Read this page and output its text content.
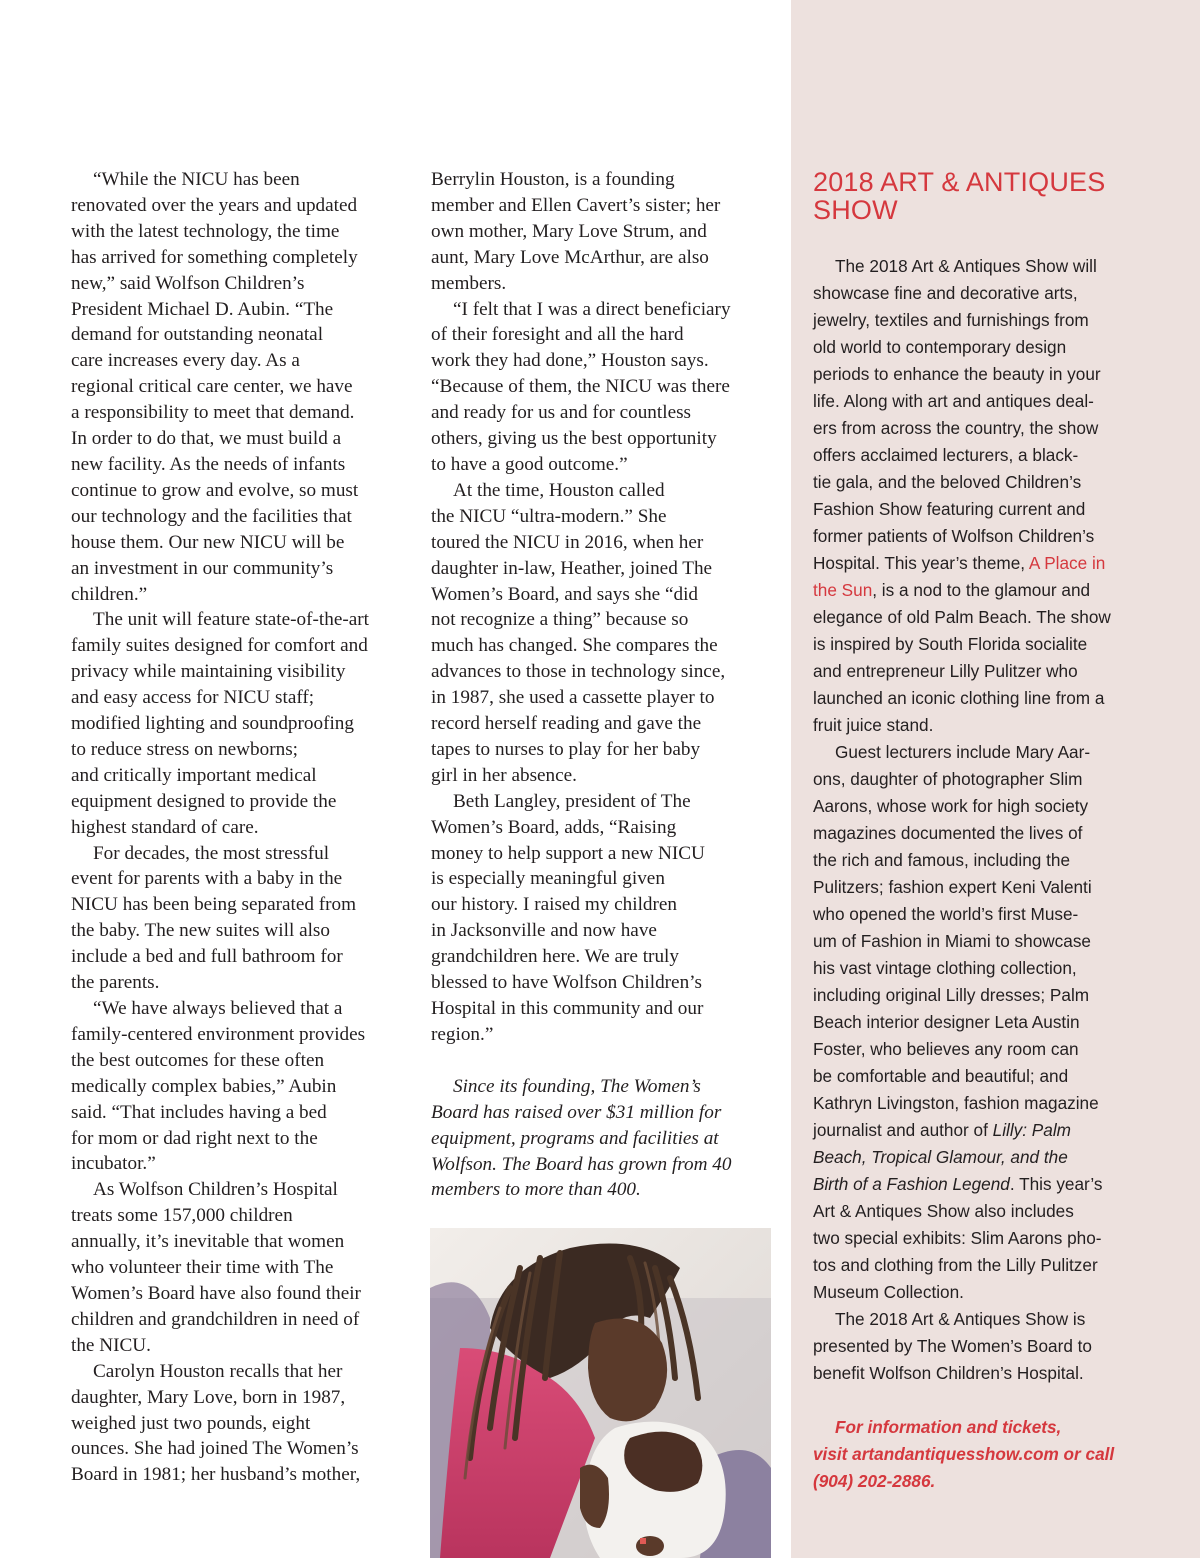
“While the NICU has been
renovated over the years and updated
with the latest technology, the time
has arrived for something completely
new,” said Wolfson Children’s
President Michael D. Aubin. “The
demand for outstanding neonatal
care increases every day. As a
regional critical care center, we have
a responsibility to meet that demand.
In order to do that, we must build a
new facility. As the needs of infants
continue to grow and evolve, so must
our technology and the facilities that
house them. Our new NICU will be
an investment in our community’s
children.”

The unit will feature state-of-the-art
family suites designed for comfort and
privacy while maintaining visibility
and easy access for NICU staff;
modified lighting and soundproofing
to reduce stress on newborns;
and critically important medical
equipment designed to provide the
highest standard of care.

For decades, the most stressful
event for parents with a baby in the
NICU has been being separated from
the baby. The new suites will also
include a bed and full bathroom for
the parents.

“We have always believed that a
family-centered environment provides
the best outcomes for these often
medically complex babies,” Aubin
said. “That includes having a bed
for mom or dad right next to the
incubator.”

As Wolfson Children’s Hospital
treats some 157,000 children
annually, it’s inevitable that women
who volunteer their time with The
Women’s Board have also found their
children and grandchildren in need of
the NICU.

Carolyn Houston recalls that her
daughter, Mary Love, born in 1987,
weighed just two pounds, eight
ounces. She had joined The Women’s
Board in 1981; her husband’s mother,

Berrylin Houston, is a founding
member and Ellen Cavert’s sister; her
own mother, Mary Love Strum, and
aunt, Mary Love McArthur, are also
members.

“I felt that I was a direct beneficiary
of their foresight and all the hard
work they had done,” Houston says.
“Because of them, the NICU was there
and ready for us and for countless
others, giving us the best opportunity
to have a good outcome.”

At the time, Houston called
the NICU “ultra-modern.” She
toured the NICU in 2016, when her
daughter in-law, Heather, joined The
Women’s Board, and says she “did
not recognize a thing” because so
much has changed. She compares the
advances to those in technology since,
in 1987, she used a cassette player to
record herself reading and gave the
tapes to nurses to play for her baby
girl in her absence.

Beth Langley, president of The
Women’s Board, adds, “Raising
money to help support a new NICU
is especially meaningful given
our history. I raised my children
in Jacksonville and now have
grandchildren here. We are truly
blessed to have Wolfson Children’s
Hospital in this community and our
region.”

Since its founding, The Women’s
Board has raised over $31 million for
equipment, programs and facilities at
Wolfson. The Board has grown from 40
members to more than 400.

2018 ART & ANTIQUES
SHOW

The 2018 Art & Antiques Show will
showcase fine and decorative arts,
jewelry, textiles and furnishings from
old world to contemporary design
periods to enhance the beauty in your
life. Along with art and antiques deal-
ers from across the country, the show
offers acclaimed lecturers, a black-
tie gala, and the beloved Children’s
Fashion Show featuring current and
former patients of Wolfson Children’s
Hospital. This year’s theme, A Place in
the Sun, is a nod to the glamour and
elegance of old Palm Beach. The show
is inspired by South Florida socialite
and entrepreneur Lilly Pulitzer who
launched an iconic clothing line from a
fruit juice stand.

Guest lecturers include Mary Aar-
ons, daughter of photographer Slim
Aarons, whose work for high society
magazines documented the lives of
the rich and famous, including the
Pulitzers; fashion expert Keni Valenti
who opened the world’s first Muse-
um of Fashion in Miami to showcase
his vast vintage clothing collection,
including original Lilly dresses; Palm
Beach interior designer Leta Austin
Foster, who believes any room can
be comfortable and beautiful; and
Kathryn Livingston, fashion magazine
journalist and author of Lilly: Palm
Beach, Tropical Glamour, and the
Birth of a Fashion Legend. This year’s
Art & Antiques Show also includes
two special exhibits: Slim Aarons pho-
tos and clothing from the Lilly Pulitzer
Museum Collection.

The 2018 Art & Antiques Show is
presented by The Women’s Board to
benefit Wolfson Children’s Hospital.

For information and tickets,
visit artandantiquesshow.com or call
(904) 202-2886.
